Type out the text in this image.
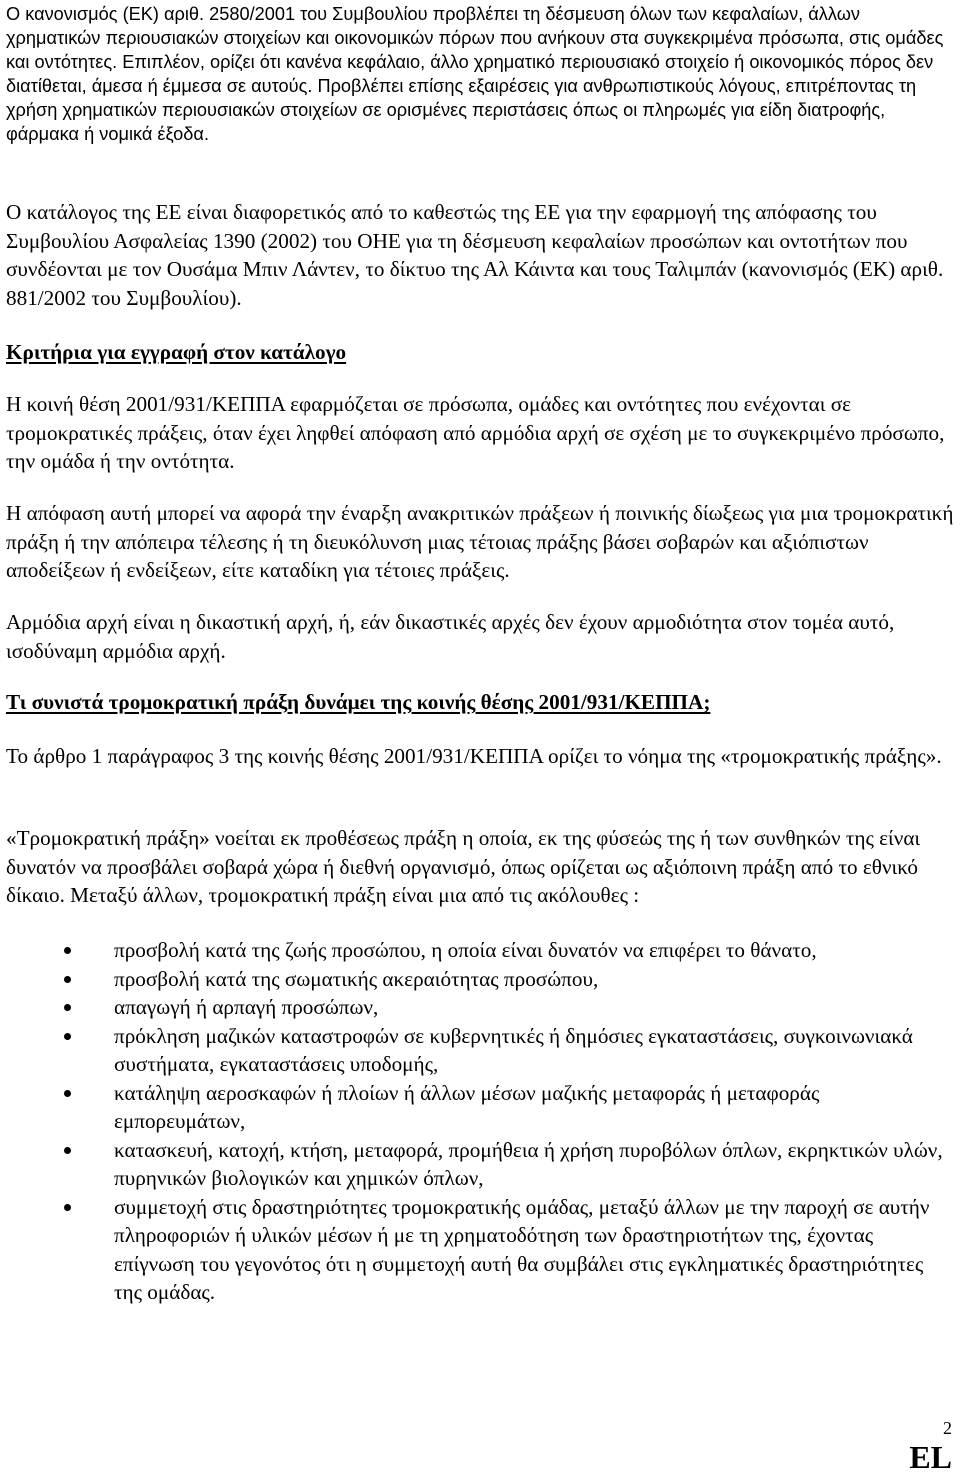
Ο κανονισμός (ΕΚ) αριθ. 2580/2001 του Συμβουλίου προβλέπει τη δέσμευση όλων των κεφαλαίων, άλλων χρηματικών περιουσιακών στοιχείων και οικονομικών πόρων που ανήκουν στα συγκεκριμένα πρόσωπα, στις ομάδες και οντότητες. Επιπλέον, ορίζει ότι κανένα κεφάλαιο, άλλο χρηματικό περιουσιακό στοιχείο ή οικονομικός πόρος δεν διατίθεται, άμεσα ή έμμεσα σε αυτούς. Προβλέπει επίσης εξαιρέσεις για ανθρωπιστικούς λόγους, επιτρέποντας τη χρήση χρηματικών περιουσιακών στοιχείων σε ορισμένες περιστάσεις όπως οι πληρωμές για είδη διατροφής, φάρμακα ή νομικά έξοδα.

Ο κατάλογος της ΕΕ είναι διαφορετικός από το καθεστώς της ΕΕ για την εφαρμογή της απόφασης του Συμβουλίου Ασφαλείας 1390 (2002) του ΟΗΕ για τη δέσμευση κεφαλαίων προσώπων και οντοτήτων που συνδέονται με τον Ουσάμα Μπιν Λάντεν, το δίκτυο της Αλ Κάιντα και τους Ταλιμπάν (κανονισμός (ΕΚ) αριθ. 881/2002 του Συμβουλίου).

Κριτήρια για εγγραφή στον κατάλογο

Η κοινή θέση 2001/931/ΚΕΠΠΑ εφαρμόζεται σε πρόσωπα, ομάδες και οντότητες που ενέχονται σε τρομοκρατικές πράξεις, όταν έχει ληφθεί απόφαση από αρμόδια αρχή σε σχέση με το συγκεκριμένο πρόσωπο, την ομάδα ή την οντότητα.

Η απόφαση αυτή μπορεί να αφορά την έναρξη ανακριτικών πράξεων ή ποινικής δίωξεως για μια τρομοκρατική πράξη ή την απόπειρα τέλεσης ή τη διευκόλυνση μιας τέτοιας πράξης βάσει σοβαρών και αξιόπιστων αποδείξεων ή ενδείξεων, είτε καταδίκη για τέτοιες πράξεις.

Αρμόδια αρχή είναι η δικαστική αρχή, ή, εάν δικαστικές αρχές δεν έχουν αρμοδιότητα στον τομέα αυτό, ισοδύναμη αρμόδια αρχή.

Τι συνιστά τρομοκρατική πράξη δυνάμει της κοινής θέσης 2001/931/ΚΕΠΠΑ;

Το άρθρο 1 παράγραφος 3 της κοινής θέσης 2001/931/ΚΕΠΠΑ ορίζει το νόημα της «τρομοκρατικής πράξης».

«Τρομοκρατική πράξη» νοείται εκ προθέσεως πράξη η οποία, εκ της φύσεώς της ή των συνθηκών της είναι δυνατόν να προσβάλει σοβαρά χώρα ή διεθνή οργανισμό, όπως ορίζεται ως αξιόποινη πράξη από το εθνικό δίκαιο. Μεταξύ άλλων, τρομοκρατική πράξη είναι μια από τις ακόλουθες :

προσβολή κατά της ζωής προσώπου, η οποία είναι δυνατόν να επιφέρει το θάνατο,
προσβολή κατά της σωματικής ακεραιότητας προσώπου,
απαγωγή ή αρπαγή προσώπων,
πρόκληση μαζικών καταστροφών σε κυβερνητικές ή δημόσιες εγκαταστάσεις, συγκοινωνιακά συστήματα, εγκαταστάσεις υποδομής,
κατάληψη αεροσκαφών ή πλοίων ή άλλων μέσων μαζικής μεταφοράς ή μεταφοράς εμπορευμάτων,
κατασκευή, κατοχή, κτήση, μεταφορά, προμήθεια ή χρήση πυροβόλων όπλων, εκρηκτικών υλών, πυρηνικών βιολογικών και χημικών όπλων,
συμμετοχή στις δραστηριότητες τρομοκρατικής ομάδας, μεταξύ άλλων με την παροχή σε αυτήν πληροφοριών ή υλικών μέσων ή με τη χρηματοδότηση των δραστηριοτήτων της, έχοντας επίγνωση του γεγονότος ότι η συμμετοχή αυτή θα συμβάλει στις εγκληματικές δραστηριότητες της ομάδας.
2
EL
